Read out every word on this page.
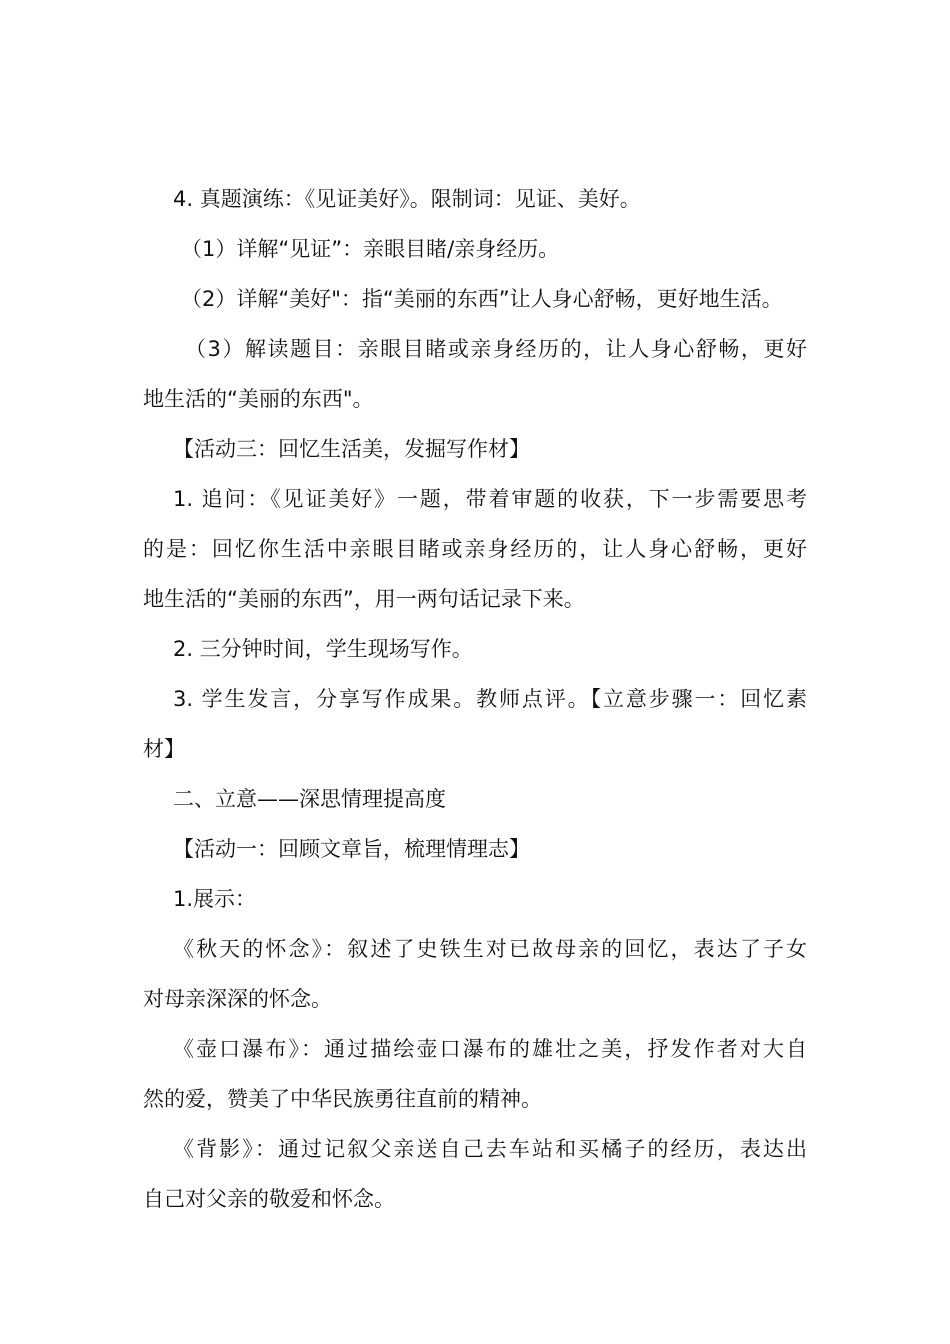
4. 真题演练：《见证美好》。限制词：见证、美好。
（1）详解“见证”：亲眼目睹/亲身经历。
（2）详解“美好"：指“美丽的东西”让人身心舒畅，更好地生活。
（3）解读题目：亲眼目睹或亲身经历的，让人身心舒畅，更好
地生活的“美丽的东西"。
【活动三：回忆生活美，发掘写作材】
1. 追问：《见证美好》一题，带着审题的收获，下一步需要思考
的是：回忆你生活中亲眼目睹或亲身经历的，让人身心舒畅，更好
地生活的“美丽的东西”，用一两句话记录下来。
2. 三分钟时间，学生现场写作。
3. 学生发言，分享写作成果。教师点评。【立意步骤一：回忆素
材】
二、立意——深思情理提高度
【活动一：回顾文章旨，梳理情理志】
1.展示：
《秋天的怀念》：叙述了史铁生对已故母亲的回忆，表达了子女
对母亲深深的怀念。
《壶口瀑布》：通过描绘壶口瀑布的雄壮之美，抒发作者对大自
然的爱，赞美了中华民族勇往直前的精神。
《背影》：通过记叙父亲送自己去车站和买橘子的经历，表达出
自己对父亲的敬爱和怀念。
